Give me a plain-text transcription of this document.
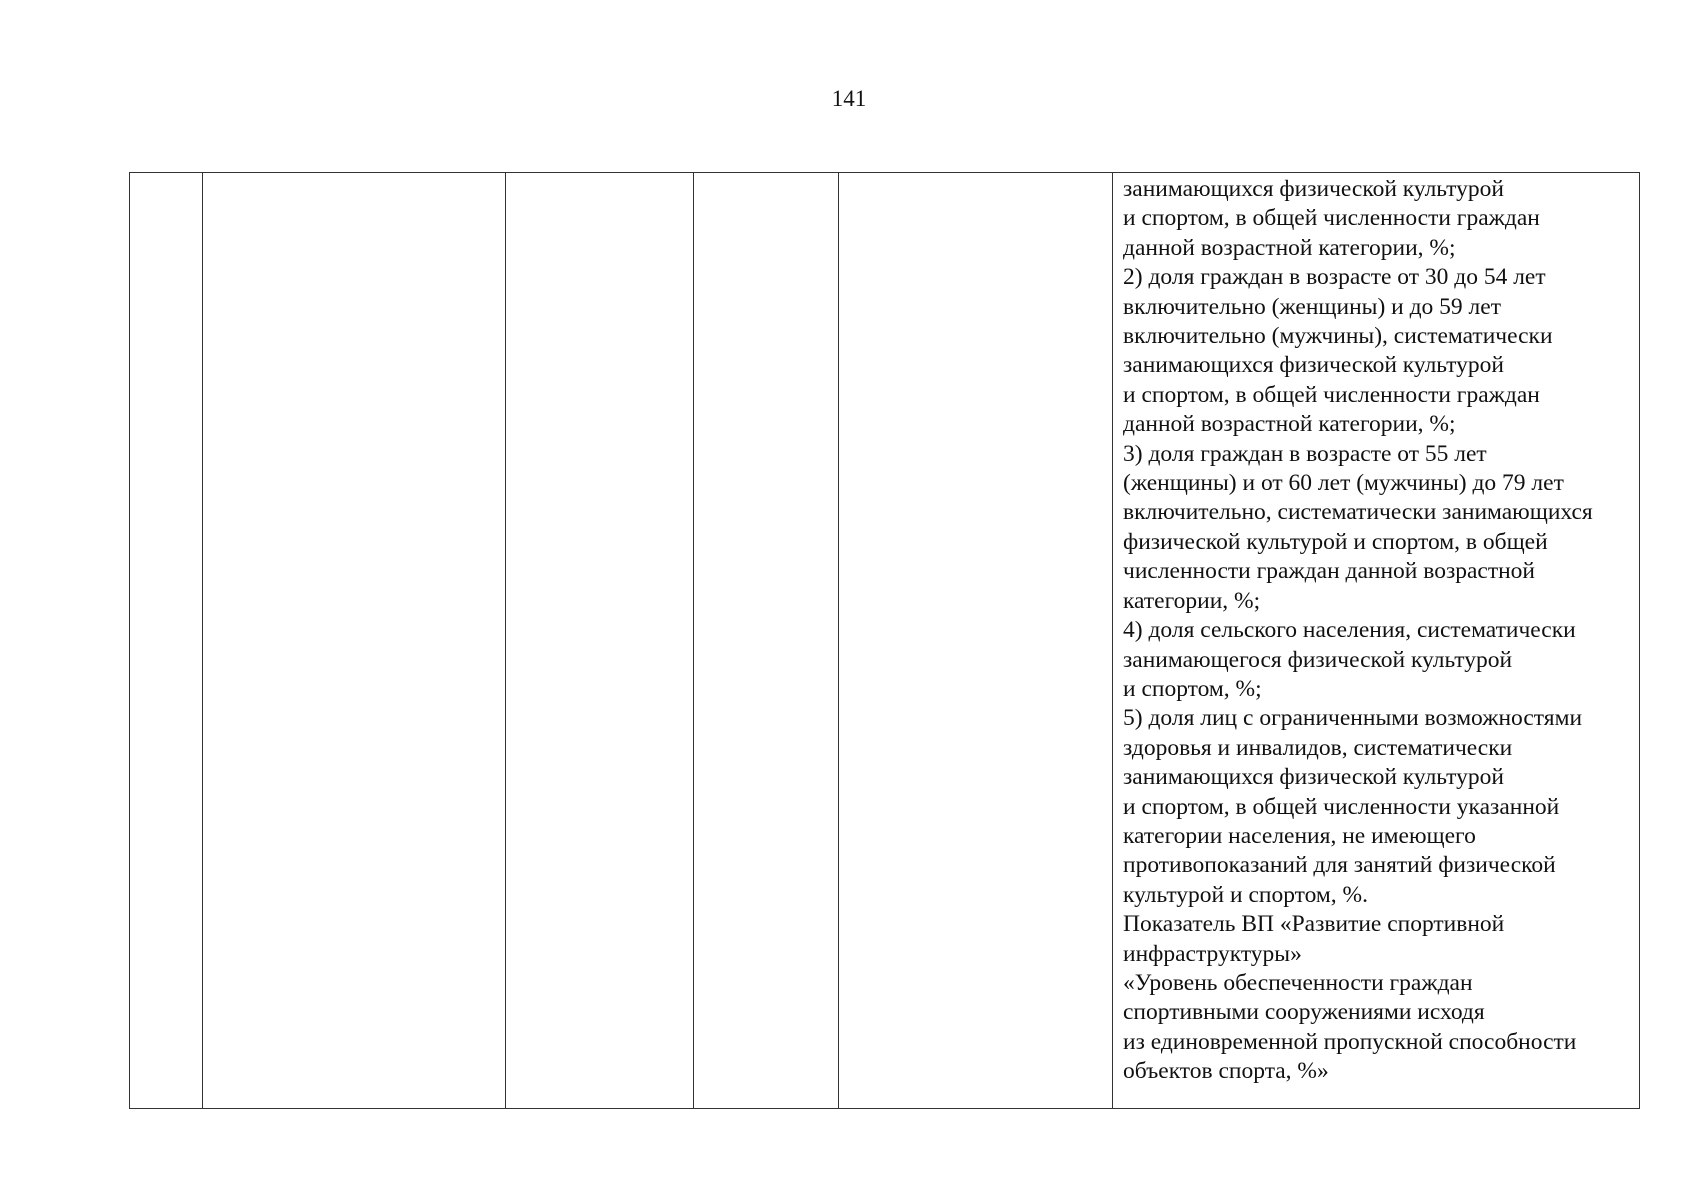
141

занимающихся физической культурой
и спортом, в общей численности граждан
данной возрастной категории, %;
2) доля граждан в возрасте от 30 до 54 лет
включительно (женщины) и до 59 лет
включительно (мужчины), систематически
занимающихся физической культурой
и спортом, в общей численности граждан
данной возрастной категории, %;
3) доля граждан в возрасте от 55 лет
(женщины) и от 60 лет (мужчины) до 79 лет
включительно, систематически занимающихся
физической культурой и спортом, в общей
численности граждан данной возрастной
категории, %;
4) доля сельского населения, систематически
занимающегося физической культурой
и спортом, %;
5) доля лиц с ограниченными возможностями
здоровья и инвалидов, систематически
занимающихся физической культурой
и спортом, в общей численности указанной
категории населения, не имеющего
противопоказаний для занятий физической
культурой и спортом, %.
Показатель ВП «Развитие спортивной
инфраструктуры»
«Уровень обеспеченности граждан
спортивными сооружениями исходя
из единовременной пропускной способности
объектов спорта, %»
